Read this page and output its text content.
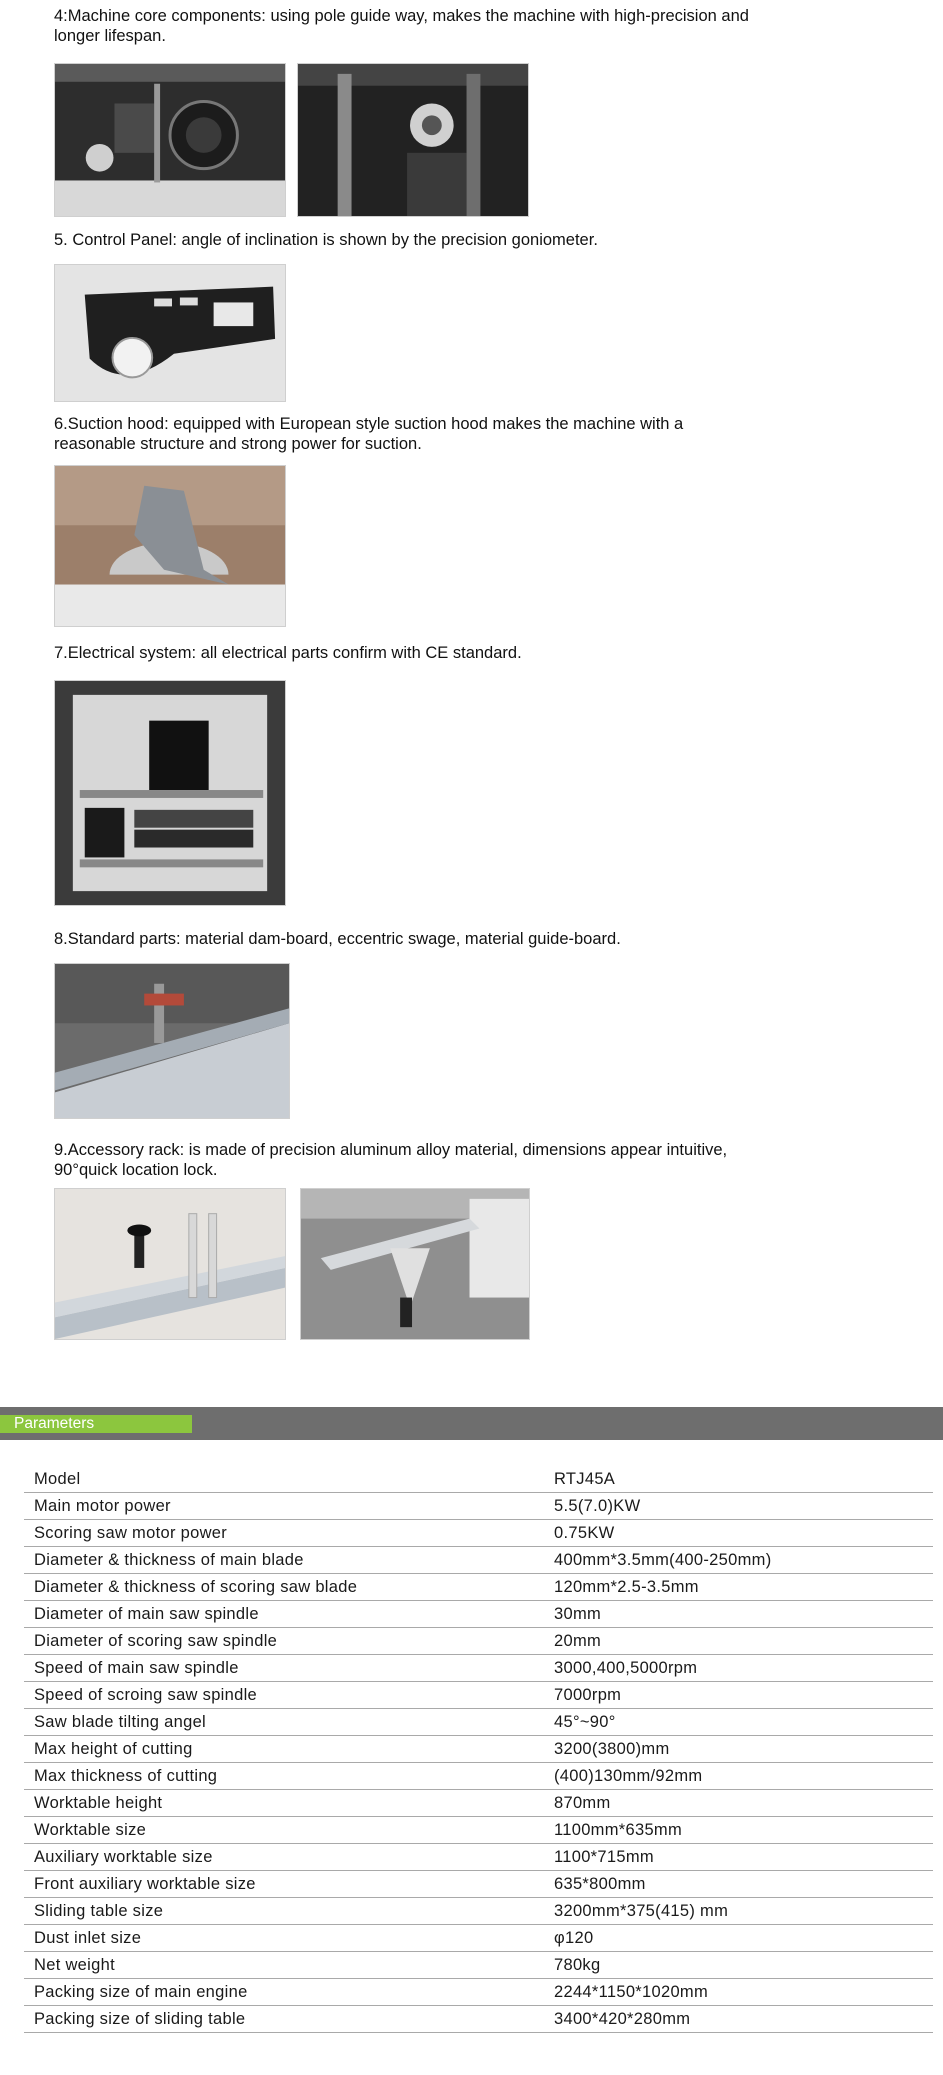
4:Machine core components: using pole guide way, makes the machine with high-precision and longer lifespan.
5. Control Panel: angle of inclination is shown by the precision goniometer.
6.Suction hood: equipped with European style suction hood makes the machine with a reasonable structure and strong power for suction.
7.Electrical system: all electrical parts confirm with CE standard.
8.Standard parts: material dam-board, eccentric swage, material guide-board.
9.Accessory rack: is made of precision aluminum alloy material, dimensions appear intuitive, 90°quick location lock.
Parameters
Model	RTJ45A
Main motor power	5.5(7.0)KW
Scoring saw motor power	0.75KW
Diameter & thickness of main blade	400mm*3.5mm(400-250mm)
Diameter & thickness of scoring saw blade	120mm*2.5-3.5mm
Diameter of main saw spindle	30mm
Diameter of scoring saw spindle	20mm
Speed of main saw spindle	3000,400,5000rpm
Speed of scroing saw spindle	7000rpm
Saw blade tilting angel	45°~90°
Max height of cutting	3200(3800)mm
Max thickness of cutting	(400)130mm/92mm
Worktable height	870mm
Worktable size	1100mm*635mm
Auxiliary worktable size	1100*715mm
Front auxiliary worktable size	635*800mm
Sliding table size	3200mm*375(415) mm
Dust inlet size	φ120
Net weight	780kg
Packing size of main engine	2244*1150*1020mm
Packing size of sliding table	3400*420*280mm
